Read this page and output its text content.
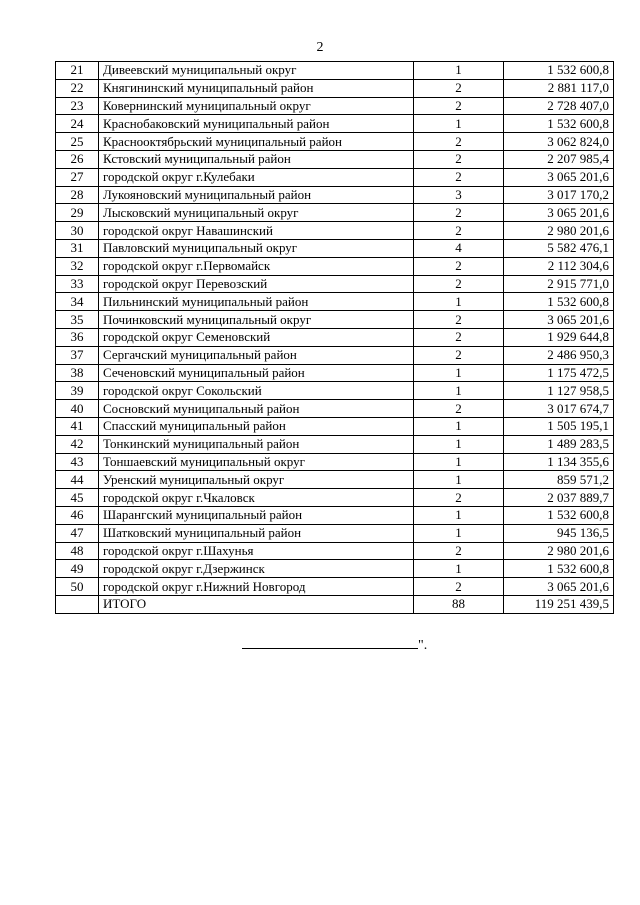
2
21	Дивеевский муниципальный округ	1	1 532 600,8
22	Княгининский муниципальный район	2	2 881 117,0
23	Ковернинский муниципальный округ	2	2 728 407,0
24	Краснобаковский муниципальный район	1	1 532 600,8
25	Краснооктябрьский муниципальный район	2	3 062 824,0
26	Кстовский муниципальный район	2	2 207 985,4
27	городской округ г.Кулебаки	2	3 065 201,6
28	Лукояновский муниципальный район	3	3 017 170,2
29	Лысковский муниципальный округ	2	3 065 201,6
30	городской округ Навашинский	2	2 980 201,6
31	Павловский муниципальный округ	4	5 582 476,1
32	городской округ г.Первомайск	2	2 112 304,6
33	городской округ Перевозский	2	2 915 771,0
34	Пильнинский муниципальный район	1	1 532 600,8
35	Починковский муниципальный округ	2	3 065 201,6
36	городской округ Семеновский	2	1 929 644,8
37	Сергачский муниципальный район	2	2 486 950,3
38	Сеченовский муниципальный район	1	1 175 472,5
39	городской округ Сокольский	1	1 127 958,5
40	Сосновский муниципальный район	2	3 017 674,7
41	Спасский муниципальный район	1	1 505 195,1
42	Тонкинский муниципальный район	1	1 489 283,5
43	Тоншаевский муниципальный округ	1	1 134 355,6
44	Уренский муниципальный округ	1	859 571,2
45	городской округ г.Чкаловск	2	2 037 889,7
46	Шарангский муниципальный район	1	1 532 600,8
47	Шатковский муниципальный район	1	945 136,5
48	городской округ г.Шахунья	2	2 980 201,6
49	городской округ г.Дзержинск	1	1 532 600,8
50	городской округ г.Нижний Новгород	2	3 065 201,6
	ИТОГО	88	119 251 439,5
".
